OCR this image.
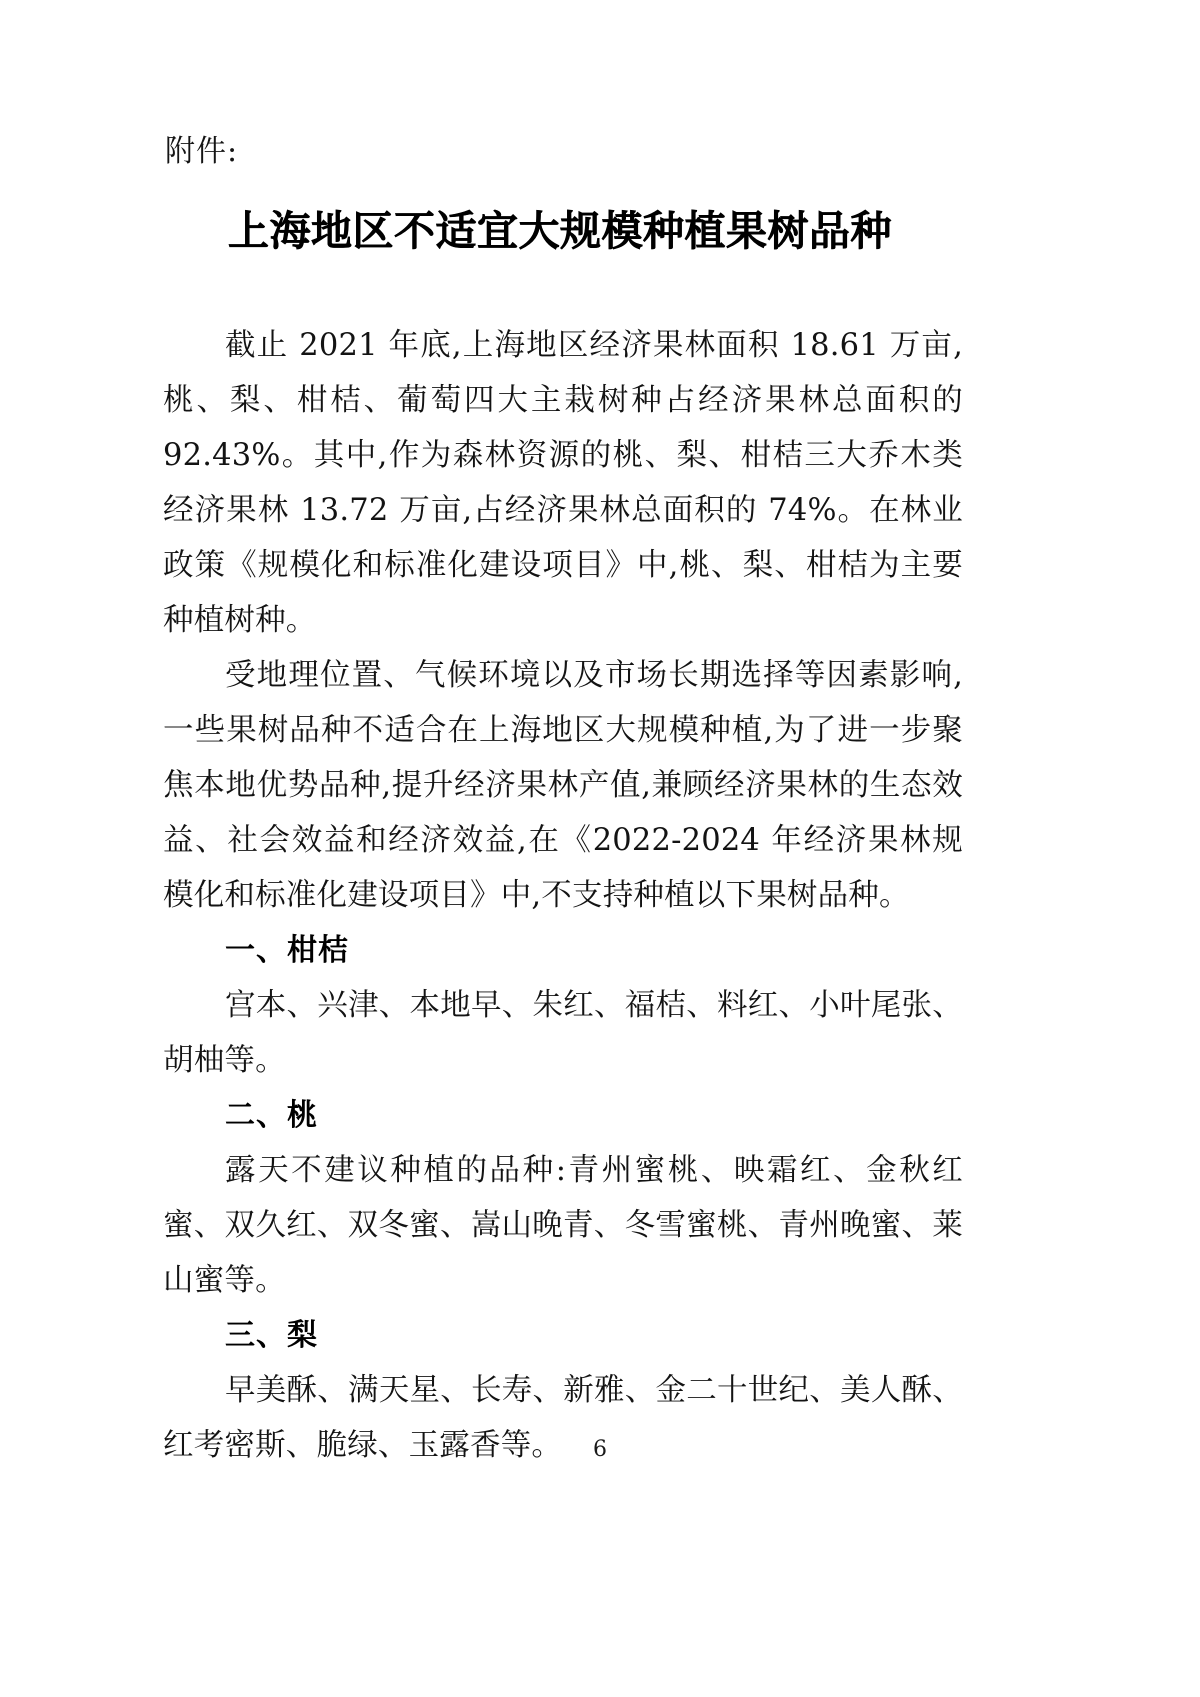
附件:
上海地区不适宜大规模种植果树品种

截止 2021 年底,上海地区经济果林面积 18.61 万亩,桃、梨、柑桔、葡萄四大主栽树种占经济果林总面积的 92.43%。其中,作为森林资源的桃、梨、柑桔三大乔木类经济果林 13.72 万亩,占经济果林总面积的 74%。在林业政策《规模化和标准化建设项目》中,桃、梨、柑桔为主要种植树种。

受地理位置、气候环境以及市场长期选择等因素影响,一些果树品种不适合在上海地区大规模种植,为了进一步聚焦本地优势品种,提升经济果林产值,兼顾经济果林的生态效益、社会效益和经济效益,在《2022-2024 年经济果林规模化和标准化建设项目》中,不支持种植以下果树品种。

一、柑桔

宫本、兴津、本地早、朱红、福桔、料红、小叶尾张、胡柚等。

二、桃

露天不建议种植的品种:青州蜜桃、映霜红、金秋红蜜、双久红、双冬蜜、嵩山晚青、冬雪蜜桃、青州晚蜜、莱山蜜等。

三、梨

早美酥、满天星、长寿、新雅、金二十世纪、美人酥、红考密斯、脆绿、玉露香等。	6
